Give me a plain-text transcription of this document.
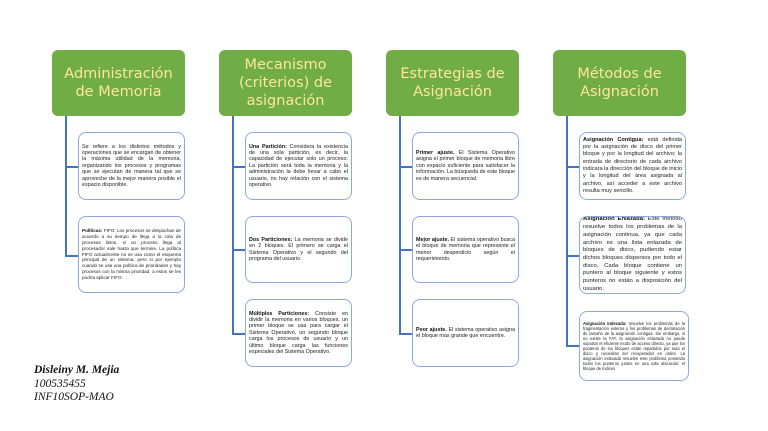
Administración de Memoria
Se refiere a los distintos métodos y operaciones que se encargan de obtener la máxima utilidad de la memoria, organizando los procesos y programas que se ejecutan de manera tal que se aproveche de la mejor manera posible el espacio disponible.
Políticas: FIFO: Los procesos se despachan de acuerdo a su tiempo de llega a la cola de procesos listos, si un proceso llega al procesador sale hasta que termine. La política FIFO actualmente no se usa como el esquema principal de un sistema, pero si por ejemplo cuando se usa una política de prioridades y hay procesos con la misma prioridad, a estos se les podría aplicar FIFO.
Mecanismo (criterios) de asignación
Una Partición: Considera la existencia de una sola partición, es decir, la capacidad de ejecutar solo un proceso. La partición será toda la memoria y la administración la debe llevar a cabo el usuario, no hay relación con el sistema operativo.
Dos Particiones: La memoria se divide en 2 bloques. El primero se carga el Sistema Operativo y el segundo del programa del usuario.
Múltiples Particiones: Consiste en dividir la memoria en varios bloques, un primer bloque se usa para cargar el Sistema Operativo, un segundo bloque carga los procesos de usuario y un último bloque carga las funciones especiales del Sistema Operativo.
Estrategias de Asignación
Primer ajuste. El Sistema Operativo asigna el primer bloque de memoria libre con espacio suficiente para satisfacer la información. La búsqueda de este bloque es de manera secuencial.
Mejor ajuste. El sistema operativo busca el bloque de memoria que represente el menor desperdicio según el requerimiento.
Peor ajuste. El sistema operativo asigna el bloque mas grande que encuentre.
Métodos de Asignación
Asignación Contigua: está definida por la asignación de disco del primer bloque y por la longitud del archivo; la entrada de directorio de cada archivo indicara la dirección del bloque de inicio y la longitud del área asignada al archivo, así acceder a este archivo resulta muy sencillo.
Asignación Enlazada: Este método resuelve todos los problemas de la asignación continua, ya que cada archivo es una lista enlazada de bloques de disco, pudiendo estar dichos bloques dispersos por todo el disco. Cada bloque contiene un puntero al bloque siguiente y estos punteros no están a disposición del usuario.
Asignación Indexada: resuelve los problemas de la fragmentación externa y los problemas de declaración de tamaño de la asignación contigua. Sin embargo, si no existe la FAT, la asignación enlazada no puede soportar el eficiente modo de acceso directo, ya que los punteros de los bloques están repartidos por todo el disco y necesitan ser recuperados en orden. La asignación indexada resuelve este problema poniendo todos los punteros juntos en una sola ubicación: el bloque de índices
Disleiny M. Mejia
100535455
INF10SOP-MAO
